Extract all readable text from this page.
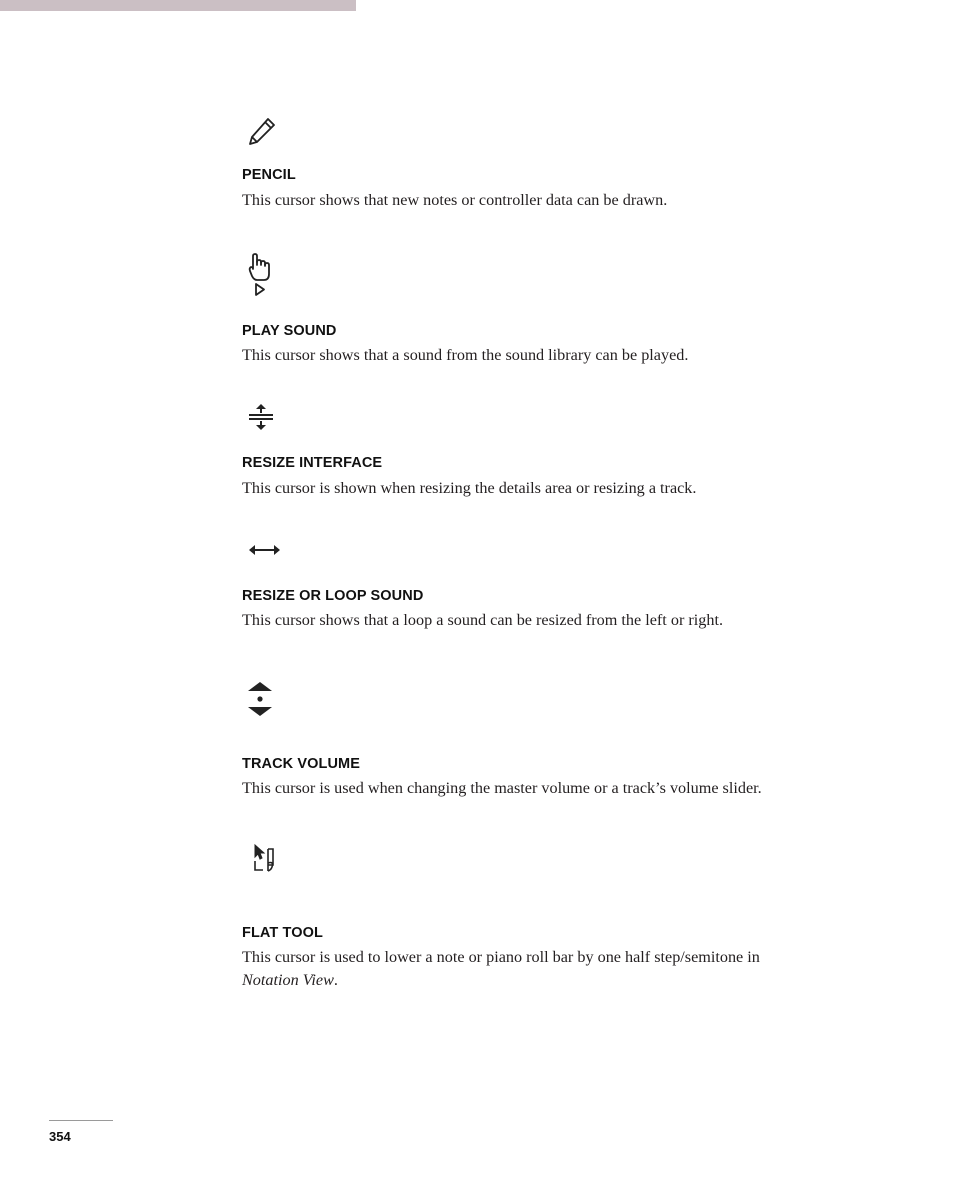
PENCIL
This cursor shows that new notes or controller data can be drawn.
PLAY SOUND
This cursor shows that a sound from the sound library can be played.
RESIZE INTERFACE
This cursor is shown when resizing the details area or resizing a track.
RESIZE OR LOOP SOUND
This cursor shows that a loop a sound can be resized from the left or right.
TRACK VOLUME
This cursor is used when changing the master volume or a track’s volume slider.
FLAT TOOL
This cursor is used to lower a note or piano roll bar by one half step/semitone in
Notation View.
354
